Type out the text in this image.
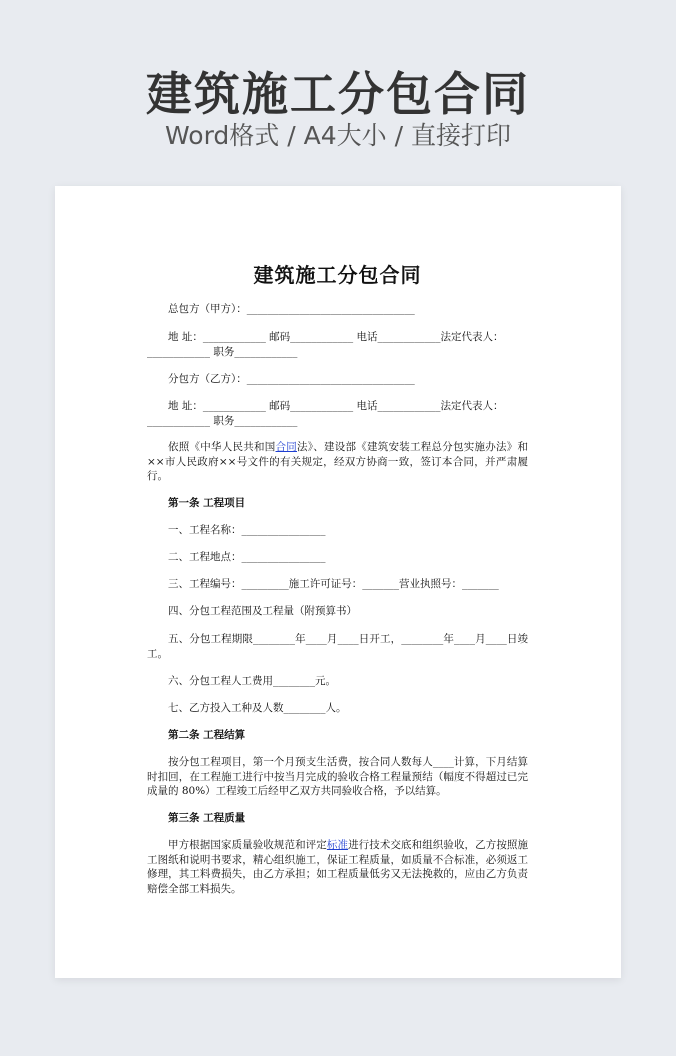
建筑施工分包合同
Word格式 / A4大小 / 直接打印
建筑施工分包合同
总包方（甲方）：________________________________
地 址：____________ 邮码____________ 电话____________法定代表人：
____________ 职务____________
分包方（乙方）：________________________________
地 址：____________ 邮码____________ 电话____________法定代表人：
____________ 职务____________
依照《中华人民共和国合同法》、建设部《建筑安装工程总分包实施办法》和××市人民政府××号文件的有关规定，经双方协商一致，签订本合同，并严肃履行。
第一条 工程项目
一、工程名称：________________
二、工程地点：________________
三、工程编号：_________施工许可证号：_______营业执照号：_______
四、分包工程范围及工程量（附预算书）
五、分包工程期限________年____月____日开工，________年____月____日竣工。
六、分包工程人工费用________元。
七、乙方投入工种及人数________人。
第二条 工程结算
按分包工程项目，第一个月预支生活费，按合同人数每人____计算，下月结算时扣回，在工程施工进行中按当月完成的验收合格工程量预结（幅度不得超过已完成量的 80%）工程竣工后经甲乙双方共同验收合格，予以结算。
第三条 工程质量
甲方根据国家质量验收规范和评定标准进行技术交底和组织验收，乙方按照施工图纸和说明书要求，精心组织施工，保证工程质量，如质量不合标准，必须返工修理，其工料费损失，由乙方承担；如工程质量低劣又无法挽救的，应由乙方负责赔偿全部工料损失。
